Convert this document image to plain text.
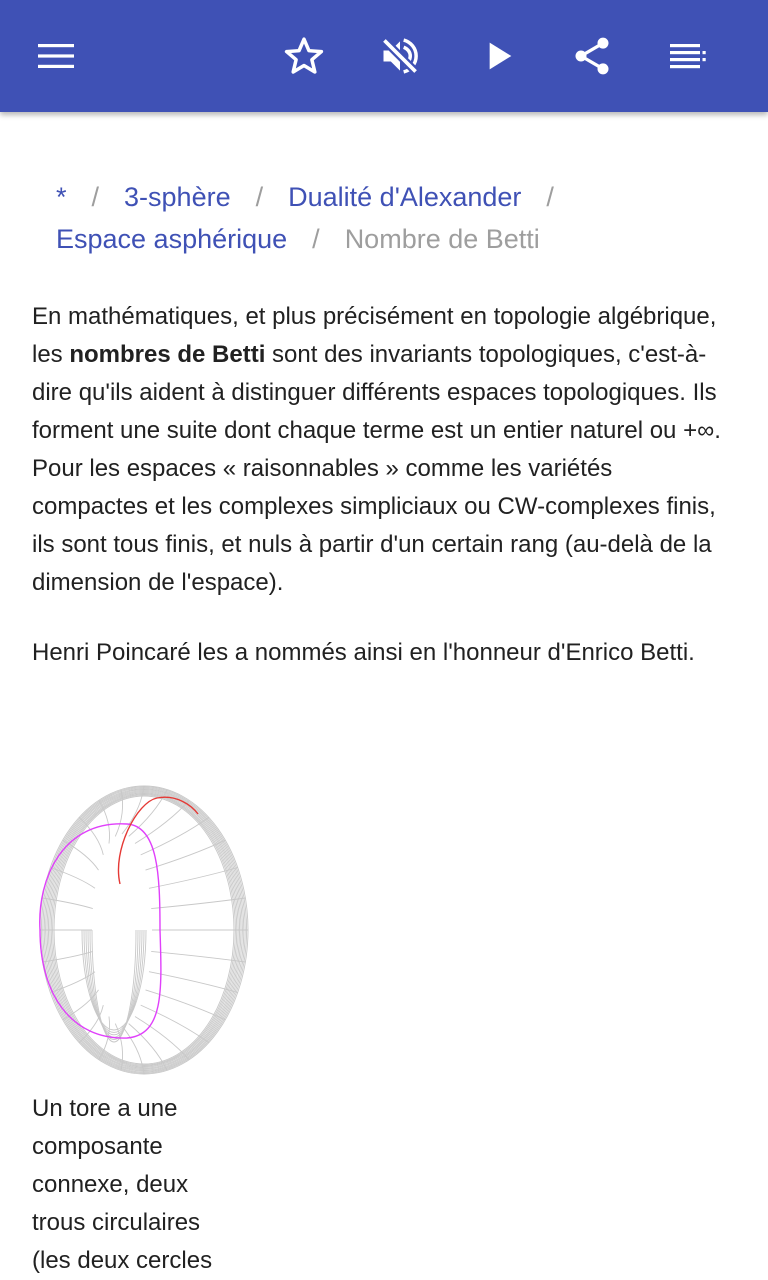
* / 3-sphère / Dualité d'Alexander /
Espace asphérique / Nombre de Betti

En mathématiques, et plus précisément en topologie algébrique, les nombres de Betti sont des invariants topologiques, c'est-à-dire qu'ils aident à distinguer différents espaces topologiques. Ils forment une suite dont chaque terme est un entier naturel ou +∞. Pour les espaces « raisonnables » comme les variétés compactes et les complexes simpliciaux ou CW-complexes finis, ils sont tous finis, et nuls à partir d'un certain rang (au-delà de la dimension de l'espace).

Henri Poincaré les a nommés ainsi en l'honneur d'Enrico Betti.

Un tore a une composante connexe, deux trous circulaires (les deux cercles
